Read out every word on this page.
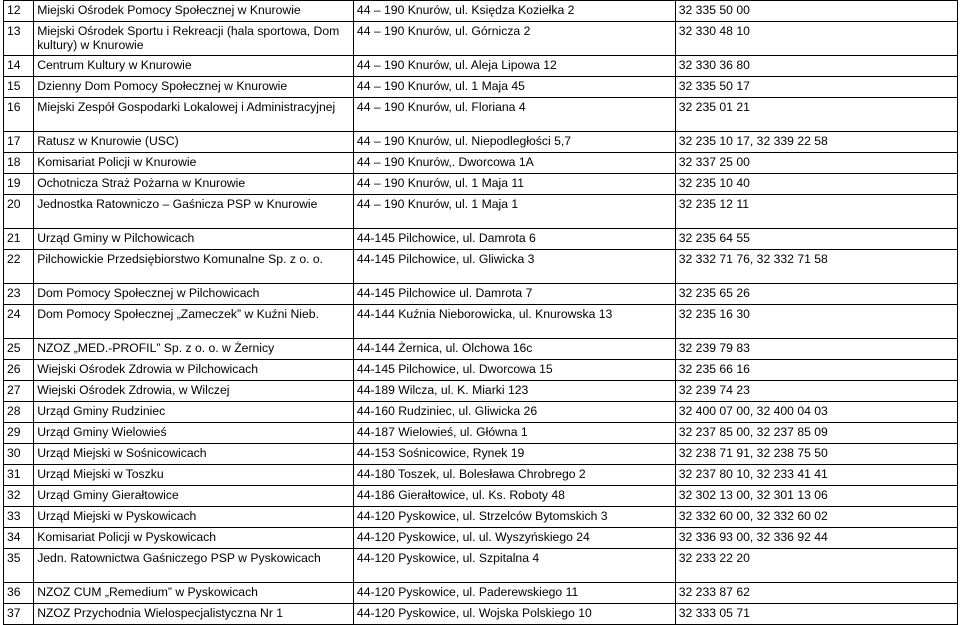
12	Miejski Ośrodek Pomocy Społecznej w Knurowie	44 – 190 Knurów, ul. Księdza Koziełka 2	32 335 50 00
13	Miejski Ośrodek Sportu i Rekreacji (hala sportowa, Dom kultury) w Knurowie	44 – 190 Knurów, ul. Górnicza 2	32 330 48 10
14	Centrum Kultury w Knurowie	44 – 190 Knurów, ul. Aleja Lipowa 12	32 330 36 80
15	Dzienny Dom Pomocy Społecznej w Knurowie	44 – 190 Knurów, ul. 1 Maja 45	32 335 50 17
16	Miejski Zespół Gospodarki Lokalowej i Administracyjnej	44 – 190 Knurów, ul. Floriana 4	32 235 01 21
17	Ratusz w Knurowie (USC)	44 – 190 Knurów, ul. Niepodległości 5,7	32 235 10 17, 32 339 22 58
18	Komisariat Policji w Knurowie	44 – 190 Knurów,. Dworcowa 1A	32 337 25 00
19	Ochotnicza Straż Pożarna w Knurowie	44 – 190 Knurów, ul. 1 Maja 11	32 235 10 40
20	Jednostka Ratowniczo – Gaśnicza PSP w Knurowie	44 – 190 Knurów, ul. 1 Maja 1	32 235 12 11
21	Urząd Gminy w Pilchowicach	44-145 Pilchowice, ul. Damrota 6	32 235 64 55
22	Pilchowickie Przedsiębiorstwo Komunalne Sp. z o. o.	44-145 Pilchowice, ul. Gliwicka 3	32 332 71 76, 32 332 71 58
23	Dom Pomocy Społecznej w Pilchowicach	44-145 Pilchowice ul. Damrota 7	32 235 65 26
24	Dom Pomocy Społecznej „Zameczek” w Kuźni Nieb.	44-144 Kuźnia Nieborowicka, ul. Knurowska 13	32 235 16 30
25	NZOZ „MED.-PROFIL” Sp. z o. o. w Żernicy	44-144 Żernica, ul. Olchowa 16c	32 239 79 83
26	Wiejski Ośrodek Zdrowia w Pilchowicach	44-145 Pilchowice, ul. Dworcowa 15	32 235 66 16
27	Wiejski Ośrodek Zdrowia, w Wilczej	44-189 Wilcza, ul. K. Miarki 123	32 239 74 23
28	Urząd Gminy Rudziniec	44-160 Rudziniec, ul. Gliwicka 26	32 400 07 00, 32 400 04 03
29	Urząd Gminy Wielowieś	44-187 Wielowieś, ul. Główna 1	32 237 85 00, 32 237 85 09
30	Urząd Miejski w Sośnicowicach	44-153 Sośnicowice, Rynek 19	32 238 71 91, 32 238 75 50
31	Urząd Miejski w Toszku	44-180 Toszek, ul. Bolesława Chrobrego 2	32 237 80 10, 32 233 41 41
32	Urząd Gminy Gierałtowice	44-186 Gierałtowice, ul. Ks. Roboty 48	32 302 13 00, 32 301 13 06
33	Urząd Miejski w Pyskowicach	44-120 Pyskowice, ul. Strzelców Bytomskich 3	32 332 60 00, 32 332 60 02
34	Komisariat Policji w Pyskowicach	44-120 Pyskowice, ul. ul. Wyszyńskiego 24	32 336 93 00, 32 336 92 44
35	Jedn. Ratownictwa Gaśniczego PSP w Pyskowicach	44-120 Pyskowice, ul. Szpitalna 4	32 233 22 20
36	NZOZ CUM „Remedium” w Pyskowicach	44-120 Pyskowice, ul. Paderewskiego 11	32 233 87 62
37	NZOZ Przychodnia Wielospecjalistyczna Nr 1	44-120 Pyskowice, ul. Wojska Polskiego 10	32 333 05 71
